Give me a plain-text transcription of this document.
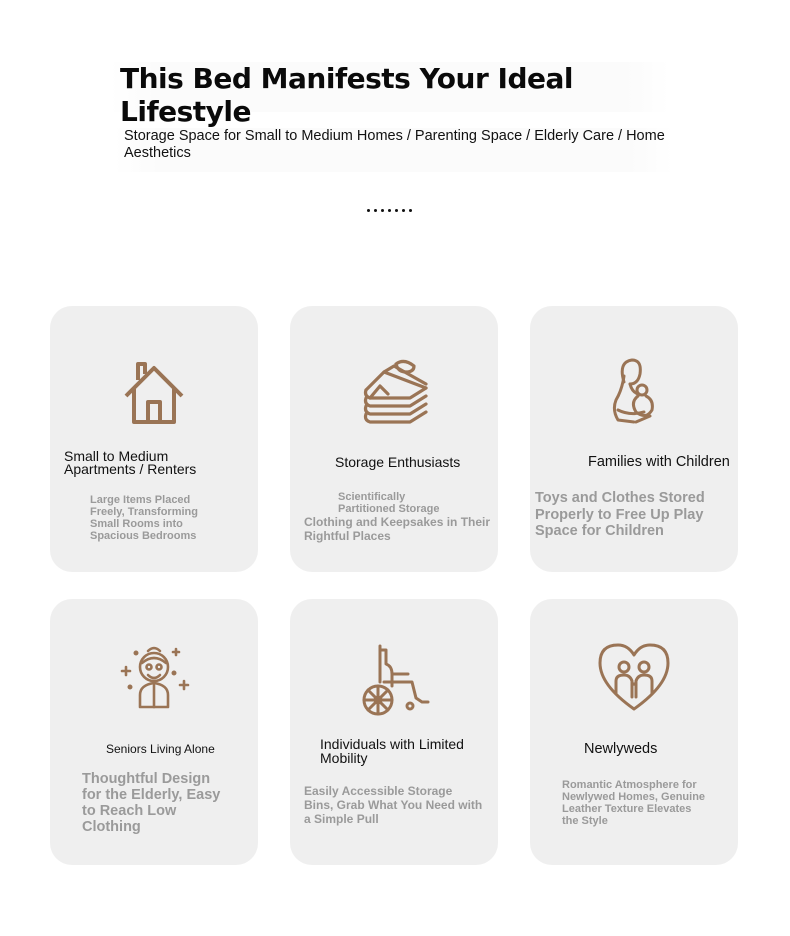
This Bed Manifests Your Ideal Lifestyle
Storage Space for Small to Medium Homes / Parenting Space / Elderly Care / Home Aesthetics
Small to Medium Apartments / Renters
Large Items Placed Freely, Transforming Small Rooms into Spacious Bedrooms
Storage Enthusiasts
Scientifically
Partitioned Storage
Clothing and Keepsakes in Their Rightful Places
Families with Children
Toys and Clothes Stored Properly to Free Up Play Space for Children
Seniors Living Alone
Thoughtful Design for the Elderly, Easy to Reach Low Clothing
Individuals with Limited Mobility
Easily Accessible Storage Bins, Grab What You Need with a Simple Pull
Newlyweds
Romantic Atmosphere for Newlywed Homes, Genuine Leather Texture Elevates the Style
